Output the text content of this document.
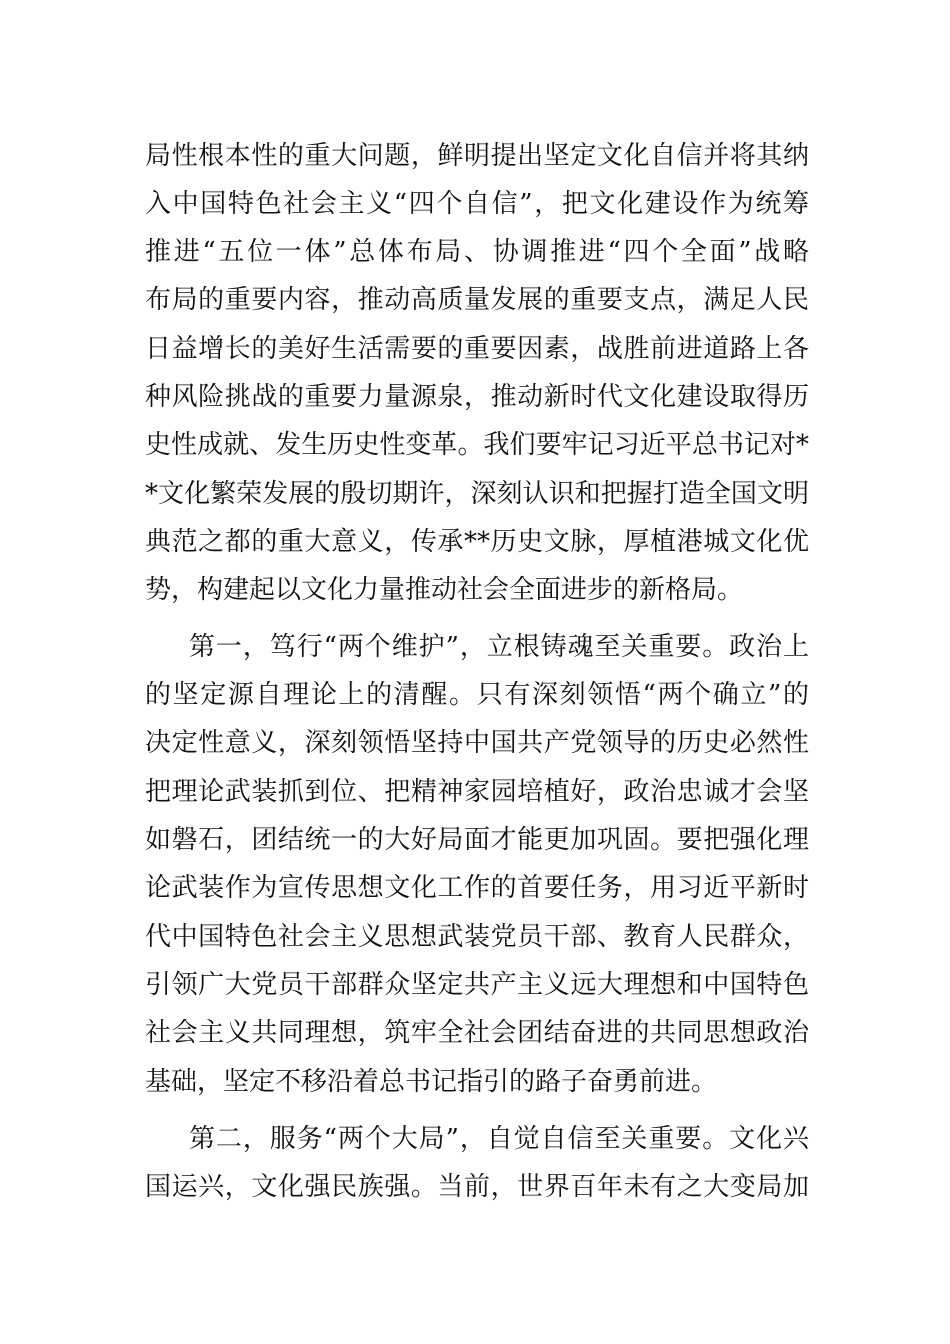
局性根本性的重大问题，鲜明提出坚定文化自信并将其纳
入中国特色社会主义“四个自信”，把文化建设作为统筹
推进“五位一体”总体布局、协调推进“四个全面”战略
布局的重要内容，推动高质量发展的重要支点，满足人民
日益增长的美好生活需要的重要因素，战胜前进道路上各
种风险挑战的重要力量源泉，推动新时代文化建设取得历
史性成就、发生历史性变革。我们要牢记习近平总书记对*
*文化繁荣发展的殷切期许，深刻认识和把握打造全国文明
典范之都的重大意义，传承**历史文脉，厚植港城文化优
势，构建起以文化力量推动社会全面进步的新格局。
第一，笃行“两个维护”，立根铸魂至关重要。政治上
的坚定源自理论上的清醒。只有深刻领悟“两个确立”的
决定性意义，深刻领悟坚持中国共产党领导的历史必然性
把理论武装抓到位、把精神家园培植好，政治忠诚才会坚
如磐石，团结统一的大好局面才能更加巩固。要把强化理
论武装作为宣传思想文化工作的首要任务，用习近平新时
代中国特色社会主义思想武装党员干部、教育人民群众，
引领广大党员干部群众坚定共产主义远大理想和中国特色
社会主义共同理想，筑牢全社会团结奋进的共同思想政治
基础，坚定不移沿着总书记指引的路子奋勇前进。
第二，服务“两个大局”，自觉自信至关重要。文化兴
国运兴，文化强民族强。当前，世界百年未有之大变局加
